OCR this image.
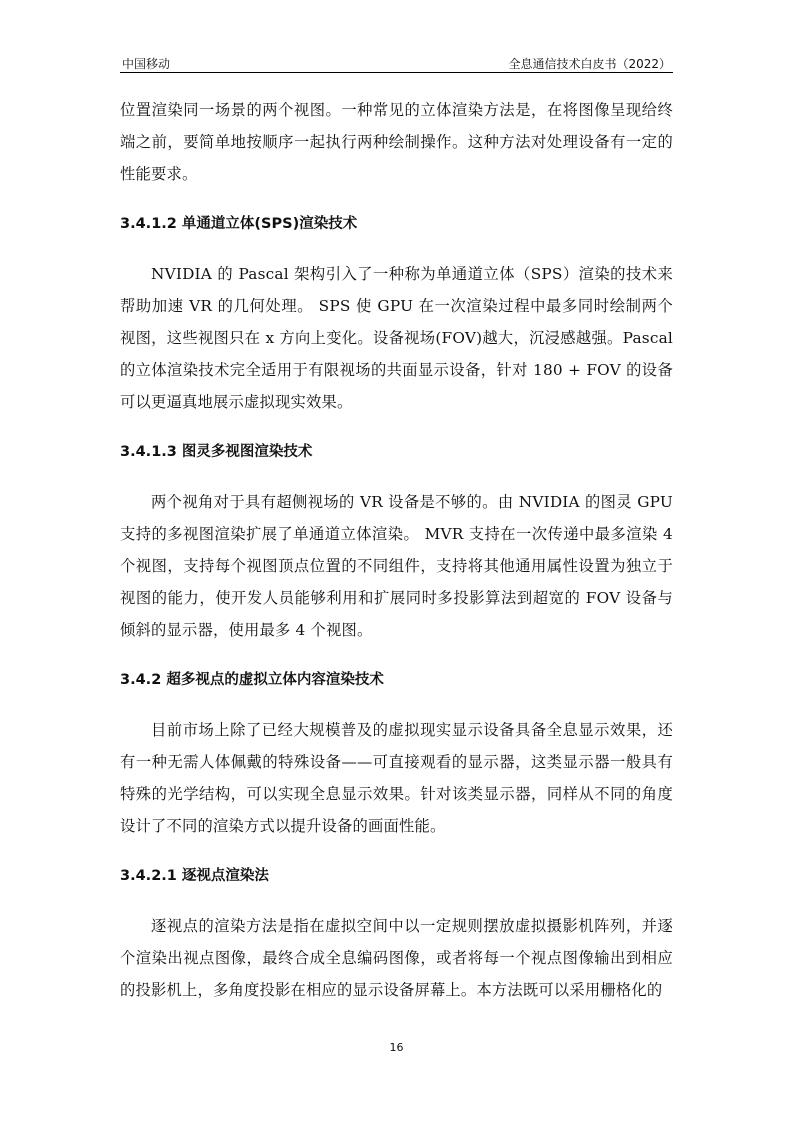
中国移动	全息通信技术白皮书（2022）

位置渲染同一场景的两个视图。一种常见的立体渲染方法是，在将图像呈现给终端之前，要简单地按顺序一起执行两种绘制操作。这种方法对处理设备有一定的性能要求。

3.4.1.2 单通道立体(SPS)渲染技术

NVIDIA 的 Pascal 架构引入了一种称为单通道立体（SPS）渲染的技术来帮助加速 VR 的几何处理。 SPS 使 GPU 在一次渲染过程中最多同时绘制两个视图，这些视图只在 x 方向上变化。设备视场(FOV)越大，沉浸感越强。Pascal 的立体渲染技术完全适用于有限视场的共面显示设备，针对 180 + FOV 的设备可以更逼真地展示虚拟现实效果。

3.4.1.3 图灵多视图渲染技术

两个视角对于具有超侧视场的 VR 设备是不够的。由 NVIDIA 的图灵 GPU 支持的多视图渲染扩展了单通道立体渲染。 MVR 支持在一次传递中最多渲染 4 个视图，支持每个视图顶点位置的不同组件，支持将其他通用属性设置为独立于视图的能力，使开发人员能够利用和扩展同时多投影算法到超宽的 FOV 设备与倾斜的显示器，使用最多 4 个视图。

3.4.2 超多视点的虚拟立体内容渲染技术

目前市场上除了已经大规模普及的虚拟现实显示设备具备全息显示效果，还有一种无需人体佩戴的特殊设备——可直接观看的显示器，这类显示器一般具有特殊的光学结构，可以实现全息显示效果。针对该类显示器，同样从不同的角度设计了不同的渲染方式以提升设备的画面性能。

3.4.2.1 逐视点渲染法

逐视点的渲染方法是指在虚拟空间中以一定规则摆放虚拟摄影机阵列，并逐个渲染出视点图像，最终合成全息编码图像，或者将每一个视点图像输出到相应的投影机上，多角度投影在相应的显示设备屏幕上。本方法既可以采用栅格化的

16
